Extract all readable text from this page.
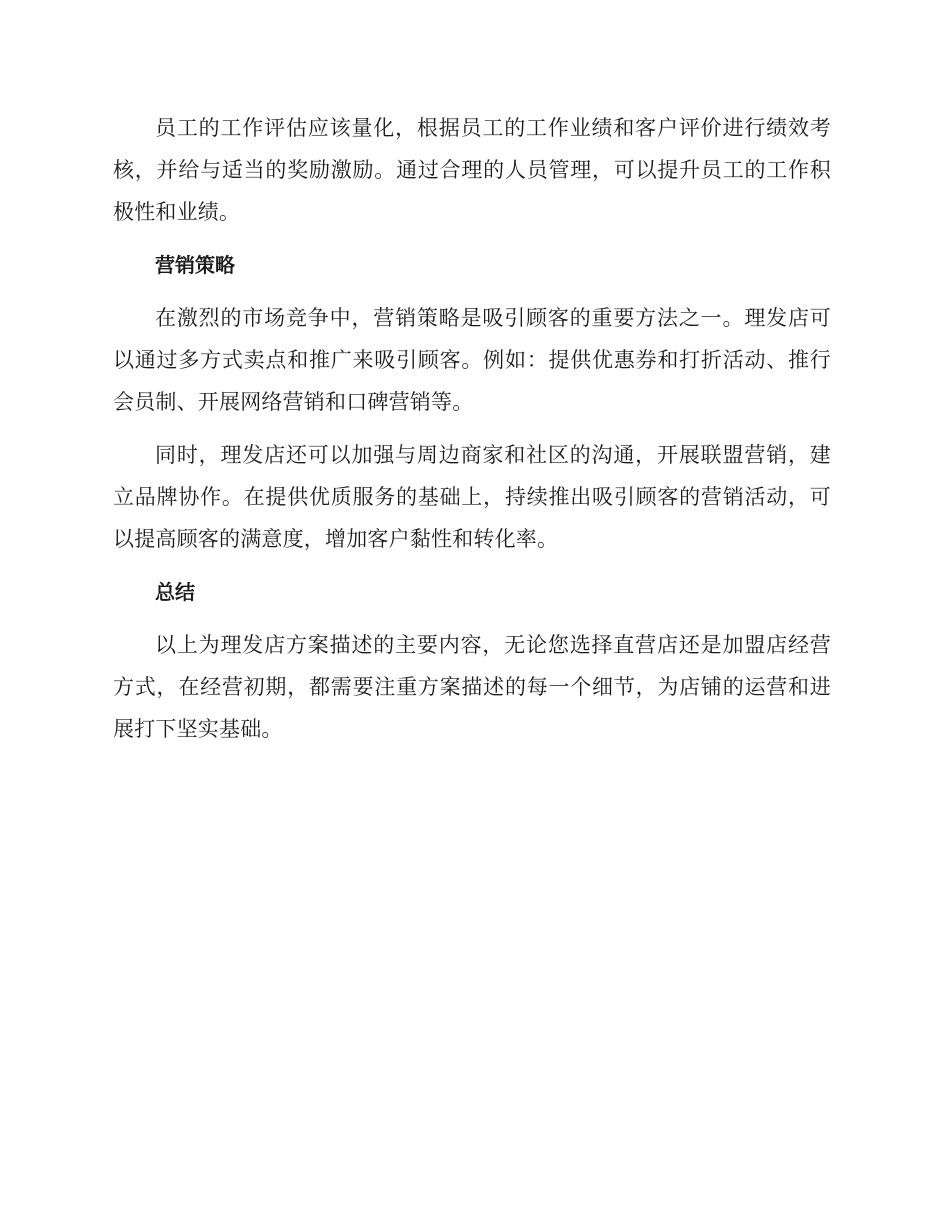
员工的工作评估应该量化，根据员工的工作业绩和客户评价进行绩效考核，并给与适当的奖励激励。通过合理的人员管理，可以提升员工的工作积极性和业绩。

营销策略

在激烈的市场竞争中，营销策略是吸引顾客的重要方法之一。理发店可以通过多方式卖点和推广来吸引顾客。例如：提供优惠券和打折活动、推行会员制、开展网络营销和口碑营销等。

同时，理发店还可以加强与周边商家和社区的沟通，开展联盟营销，建立品牌协作。在提供优质服务的基础上，持续推出吸引顾客的营销活动，可以提高顾客的满意度，增加客户黏性和转化率。

总结

以上为理发店方案描述的主要内容，无论您选择直营店还是加盟店经营方式，在经营初期，都需要注重方案描述的每一个细节，为店铺的运营和进展打下坚实基础。
